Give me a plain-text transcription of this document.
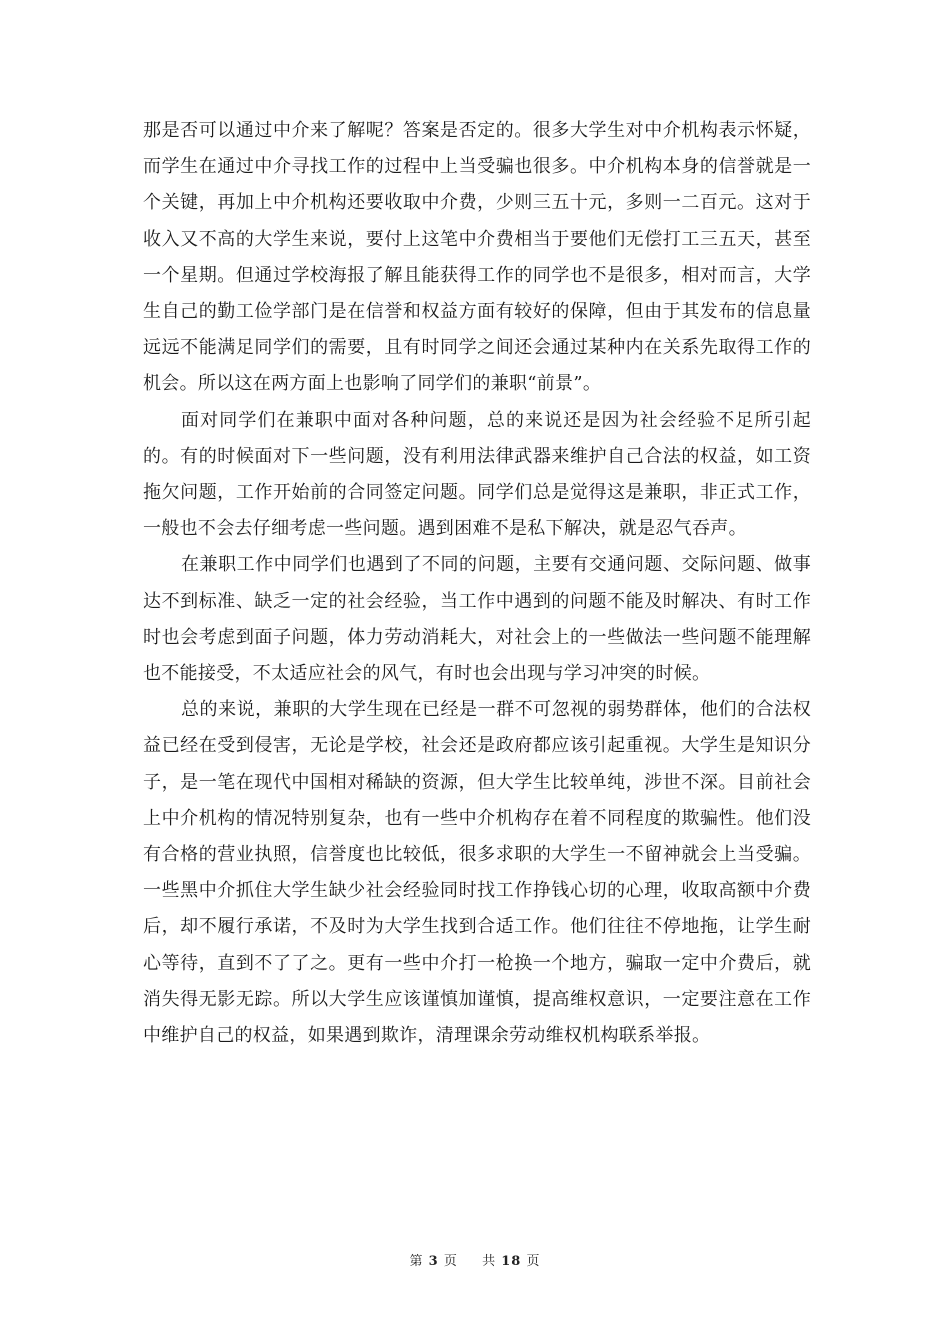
那是否可以通过中介来了解呢？答案是否定的。很多大学生对中介机构表示怀疑，而学生在通过中介寻找工作的过程中上当受骗也很多。中介机构本身的信誉就是一个关键，再加上中介机构还要收取中介费，少则三五十元，多则一二百元。这对于收入又不高的大学生来说，要付上这笔中介费相当于要他们无偿打工三五天，甚至一个星期。但通过学校海报了解且能获得工作的同学也不是很多，相对而言，大学生自己的勤工俭学部门是在信誉和权益方面有较好的保障，但由于其发布的信息量远远不能满足同学们的需要，且有时同学之间还会通过某种内在关系先取得工作的机会。所以这在两方面上也影响了同学们的兼职“前景”。

面对同学们在兼职中面对各种问题，总的来说还是因为社会经验不足所引起的。有的时候面对下一些问题，没有利用法律武器来维护自己合法的权益，如工资拖欠问题，工作开始前的合同签定问题。同学们总是觉得这是兼职，非正式工作，一般也不会去仔细考虑一些问题。遇到困难不是私下解决，就是忍气吞声。

在兼职工作中同学们也遇到了不同的问题，主要有交通问题、交际问题、做事达不到标准、缺乏一定的社会经验，当工作中遇到的问题不能及时解决、有时工作时也会考虑到面子问题，体力劳动消耗大，对社会上的一些做法一些问题不能理解也不能接受，不太适应社会的风气，有时也会出现与学习冲突的时候。

总的来说，兼职的大学生现在已经是一群不可忽视的弱势群体，他们的合法权益已经在受到侵害，无论是学校，社会还是政府都应该引起重视。大学生是知识分子，是一笔在现代中国相对稀缺的资源，但大学生比较单纯，涉世不深。目前社会上中介机构的情况特别复杂，也有一些中介机构存在着不同程度的欺骗性。他们没有合格的营业执照，信誉度也比较低，很多求职的大学生一不留神就会上当受骗。一些黑中介抓住大学生缺少社会经验同时找工作挣钱心切的心理，收取高额中介费后，却不履行承诺，不及时为大学生找到合适工作。他们往往不停地拖，让学生耐心等待，直到不了了之。更有一些中介打一枪换一个地方，骗取一定中介费后，就消失得无影无踪。所以大学生应该谨慎加谨慎，提高维权意识，一定要注意在工作中维护自己的权益，如果遇到欺诈，清理课余劳动维权机构联系举报。

第 3 页 共 18 页
